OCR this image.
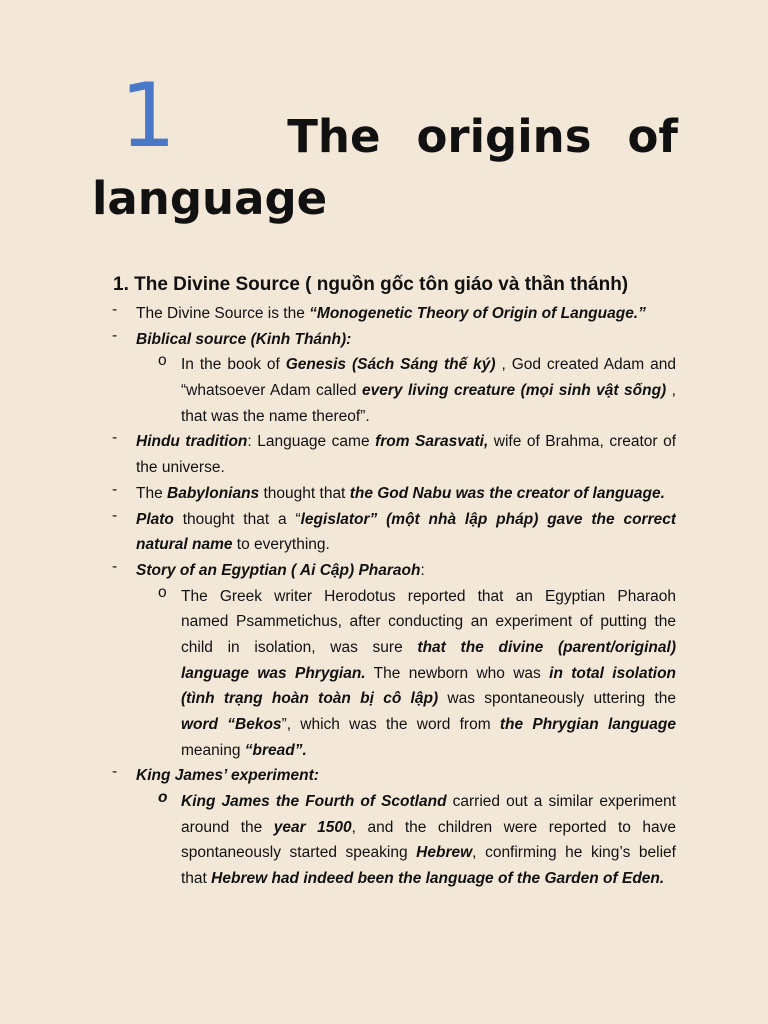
1 The origins of
language
1. The Divine Source ( nguồn gốc tôn giáo và thần thánh)
- The Divine Source is the “Monogenetic Theory of Origin of Language.”
- Biblical source (Kinh Thánh):
o In the book of Genesis (Sách Sáng thế ký) , God created Adam and
“whatsoever Adam called every living creature (mọi sinh vật sống) ,
that was the name thereof”.
- Hindu tradition: Language came from Sarasvati, wife of Brahma, creator of
the universe.
- The Babylonians thought that the God Nabu was the creator of language.
- Plato thought that a “legislator” (một nhà lập pháp) gave the correct
natural name to everything.
- Story of an Egyptian ( Ai Cập) Pharaoh:
o The Greek writer Herodotus reported that an Egyptian Pharaoh
named Psammetichus, after conducting an experiment of putting the
child in isolation, was sure that the divine (parent/original)
language was Phrygian. The newborn who was in total isolation
(tình trạng hoàn toàn bị cô lập) was spontaneously uttering the
word “Bekos”, which was the word from the Phrygian language
meaning “bread”.
- King James’ experiment:
o King James the Fourth of Scotland carried out a similar experiment
around the year 1500, and the children were reported to have
spontaneously started speaking Hebrew, confirming he king’s belief
that Hebrew had indeed been the language of the Garden of Eden.
